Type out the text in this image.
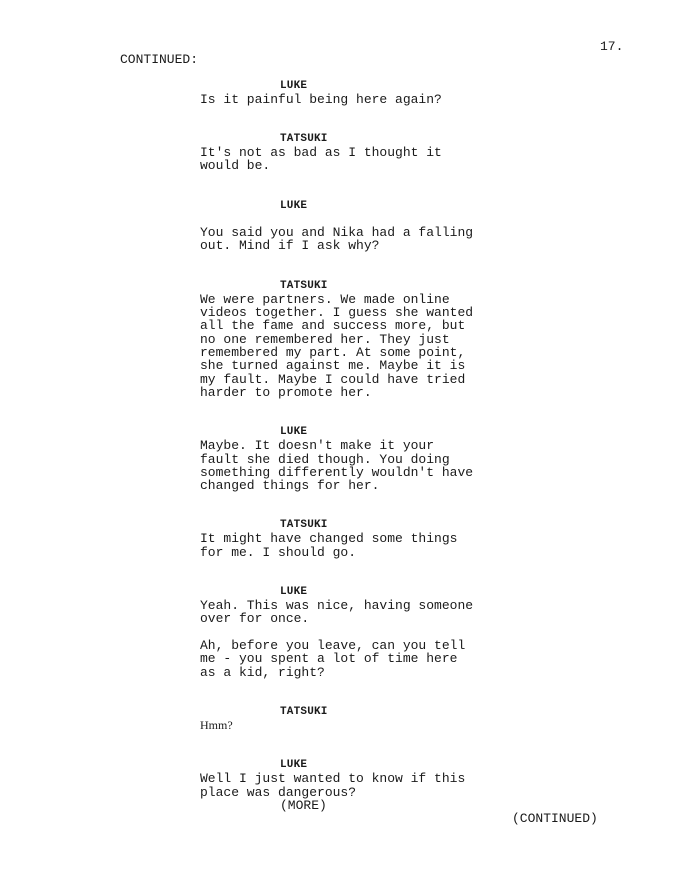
17.
CONTINUED:
LUKE
Is it painful being here again?
TATSUKI
It's not as bad as I thought it
would be.
LUKE
You said you and Nika had a falling
out. Mind if I ask why?
TATSUKI
We were partners. We made online
videos together. I guess she wanted
all the fame and success more, but
no one remembered her. They just
remembered my part. At some point,
she turned against me. Maybe it is
my fault. Maybe I could have tried
harder to promote her.
LUKE
Maybe. It doesn't make it your
fault she died though. You doing
something differently wouldn't have
changed things for her.
TATSUKI
It might have changed some things
for me. I should go.
LUKE
Yeah. This was nice, having someone
over for once.
Ah, before you leave, can you tell
me - you spent a lot of time here
as a kid, right?
TATSUKI
Hmm?
LUKE
Well I just wanted to know if this
place was dangerous?
(MORE)
(CONTINUED)
